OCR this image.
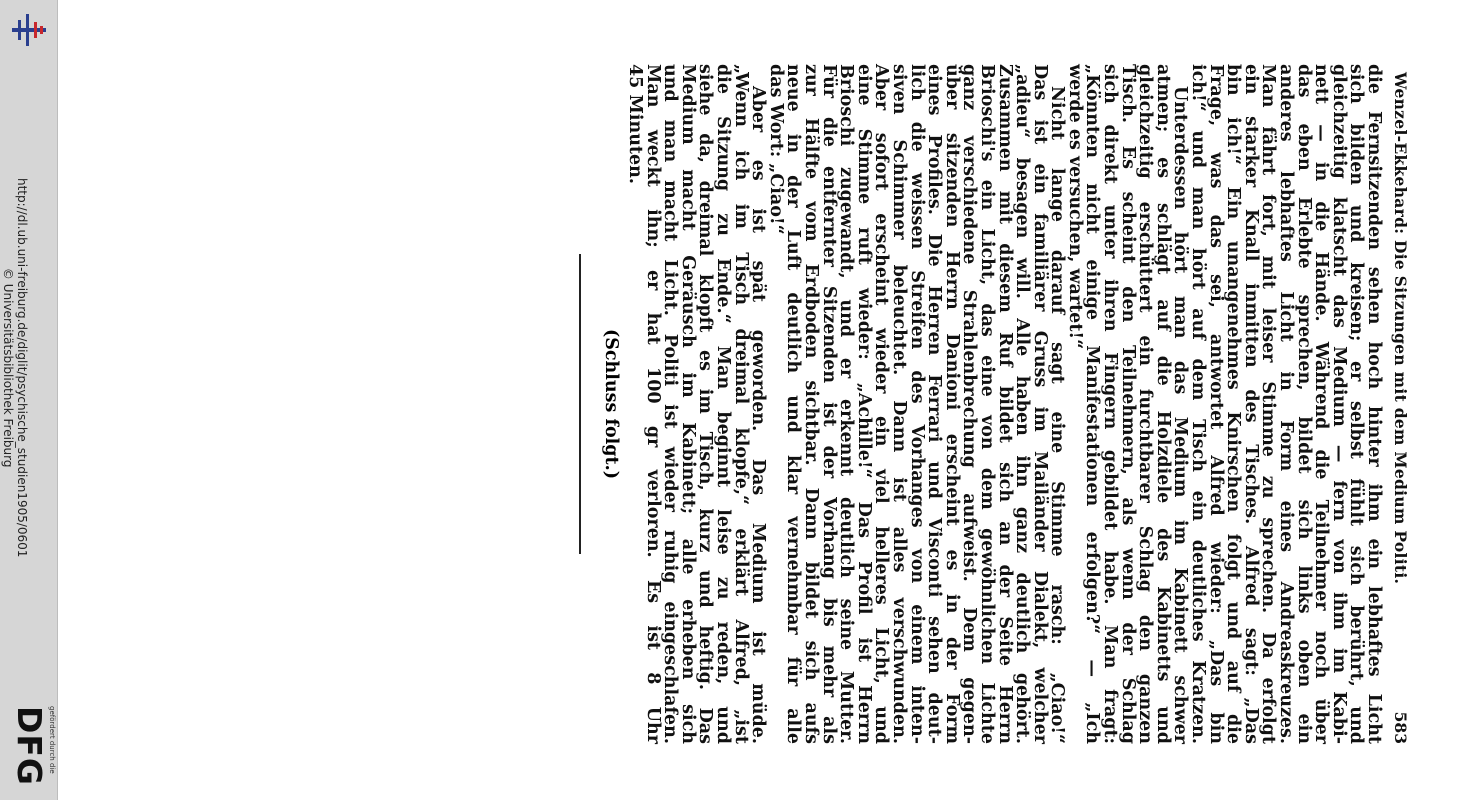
http://dl.ub.uni-freiburg.de/diglit/psychische_studien1905/0601
© Universitätsbibliothek Freiburg
gefördert durch die
DFG
Wenzel-Ekkehard: Die Sitzungen mit dem Medium Politi.
583
die Fernsitzenden sehen hoch hinter ihm ein lebhaftes Licht
sich bilden und kreisen; er selbst fühlt sich berührt, und
gleichzeitig klatscht das Medium — fern von ihm im Kabi-
nett — in die Hände. Während die Teilnehmer noch über
das eben Erlebte sprechen, bildet sich links oben ein
anderes lebhaftes Licht in Form eines Andreaskreuzes.
Man fährt fort, mit leiser Stimme zu sprechen. Da erfolgt
ein starker Knall inmitten des Tisches. Alfred sagt: „Das
bin ich!“ Ein unangenehmes Knirschen folgt und auf die
Frage, was das sei, antwortet Alfred wieder: „Das bin
ich!“ und man hört auf dem Tisch ein deutliches Kratzen.
Unterdessen hört man das Medium im Kabinett schwer
atmen; es schlägt auf die Holzdiele des Kabinetts und
gleichzeitig erschüttert ein furchtbarer Schlag den ganzen
Tisch. Es scheint den Teilnehmern, als wenn der Schlag
sich direkt unter ihren Fingern gebildet habe. Man fragt:
„Könnten nicht einige Manifestationen erfolgen?“ — „Ich
werde es versuchen, wartet!“
Nicht lange darauf sagt eine Stimme rasch: „Ciao!“
Das ist ein familiärer Gruss im Mailänder Dialekt, welcher
„adieu“ besagen will. Alle haben ihn ganz deutlich gehört.
Zusammen mit diesem Ruf bildet sich an der Seite Herrn
Brioschi's ein Licht, das eine von dem gewöhnlichen Lichte
ganz verschiedene Strahlenbrechung aufweist. Dem gegen-
über sitzenden Herrn Danioni erscheint es in der Form
eines Profiles. Die Herren Ferrari und Visconti sehen deut-
lich die weissen Streifen des Vorhanges von einem inten-
siven Schimmer beleuchtet. Dann ist alles verschwunden.
Aber sofort erscheint wieder ein viel helleres Licht, und
eine Stimme ruft wieder: „Achille!“ Das Profil ist Herrn
Brioschi zugewandt, und er erkennt deutlich seine Mutter.
Für die entfernter Sitzenden ist der Vorhang bis mehr als
zur Hälfte vom Erdboden sichtbar. Dann bildet sich aufs
neue in der Luft deutlich und klar vernehmbar für alle
das Wort: „Ciao!“
Aber es ist spät geworden. Das Medium ist müde.
„Wenn ich im Tisch dreimal klopfe,“ erklärt Alfred, „ist
die Sitzung zu Ende.“ Man beginnt leise zu reden, und
siehe da, dreimal klopft es im Tisch, kurz und heftig. Das
Medium macht Geräusch im Kabinett; alle erheben sich
und man macht Licht. Politi ist wieder ruhig eingeschlafen.
Man weckt ihn; er hat 100 gr verloren. Es ist 8 Uhr
45 Minuten.
(Schluss folgt.)
